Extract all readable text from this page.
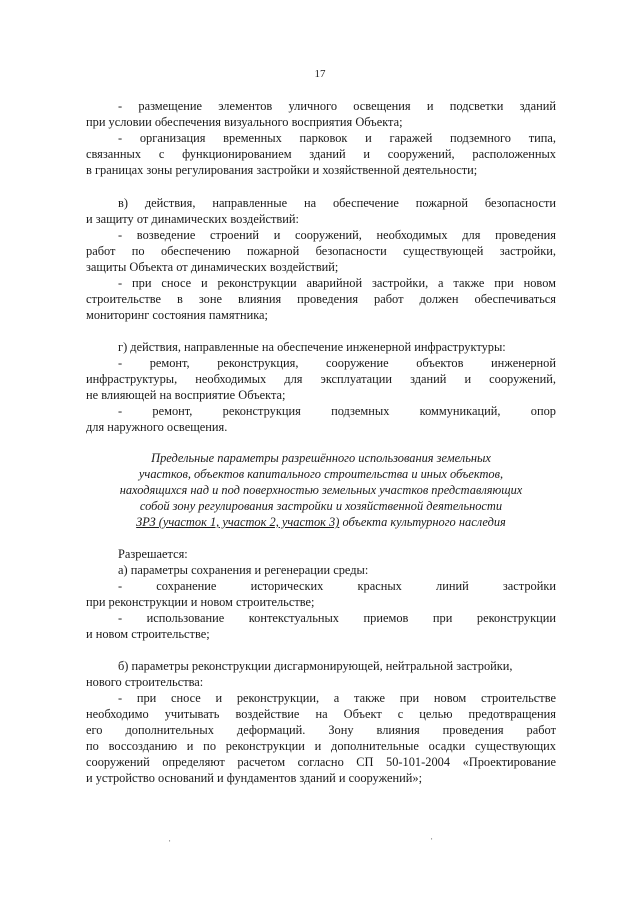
17
- размещение элементов уличного освещения и подсветки зданий
при условии обеспечения визуального восприятия Объекта;
- организация временных парковок и гаражей подземного типа,
связанных с функционированием зданий и сооружений, расположенных
в границах зоны регулирования застройки и хозяйственной деятельности;
в) действия, направленные на обеспечение пожарной безопасности
и защиту от динамических воздействий:
- возведение строений и сооружений, необходимых для проведения
работ по обеспечению пожарной безопасности существующей застройки,
защиты Объекта от динамических воздействий;
- при сносе и реконструкции аварийной застройки, а также при новом
строительстве в зоне влияния проведения работ должен обеспечиваться
мониторинг состояния памятника;
г) действия, направленные на обеспечение инженерной инфраструктуры:
- ремонт, реконструкция, сооружение объектов инженерной
инфраструктуры, необходимых для эксплуатации зданий и сооружений,
не влияющей на восприятие Объекта;
- ремонт, реконструкция подземных коммуникаций, опор
для наружного освещения.
Предельные параметры разрешённого использования земельных
участков, объектов капитального строительства и иных объектов,
находящихся над и под поверхностью земельных участков представляющих
собой зону регулирования застройки и хозяйственной деятельности
ЗРЗ (участок 1, участок 2, участок 3) объекта культурного наследия
Разрешается:
а) параметры сохранения и регенерации среды:
- сохранение исторических красных линий застройки
при реконструкции и новом строительстве;
- использование контекстуальных приемов при реконструкции
и новом строительстве;
б) параметры реконструкции дисгармонирующей, нейтральной застройки,
нового строительства:
- при сносе и реконструкции, а также при новом строительстве
необходимо учитывать воздействие на Объект с целью предотвращения
его дополнительных деформаций. Зону влияния проведения работ
по воссозданию и по реконструкции и дополнительные осадки существующих
сооружений определяют расчетом согласно СП 50-101-2004 «Проектирование
и устройство оснований и фундаментов зданий и сооружений»;
⋅	⋅
